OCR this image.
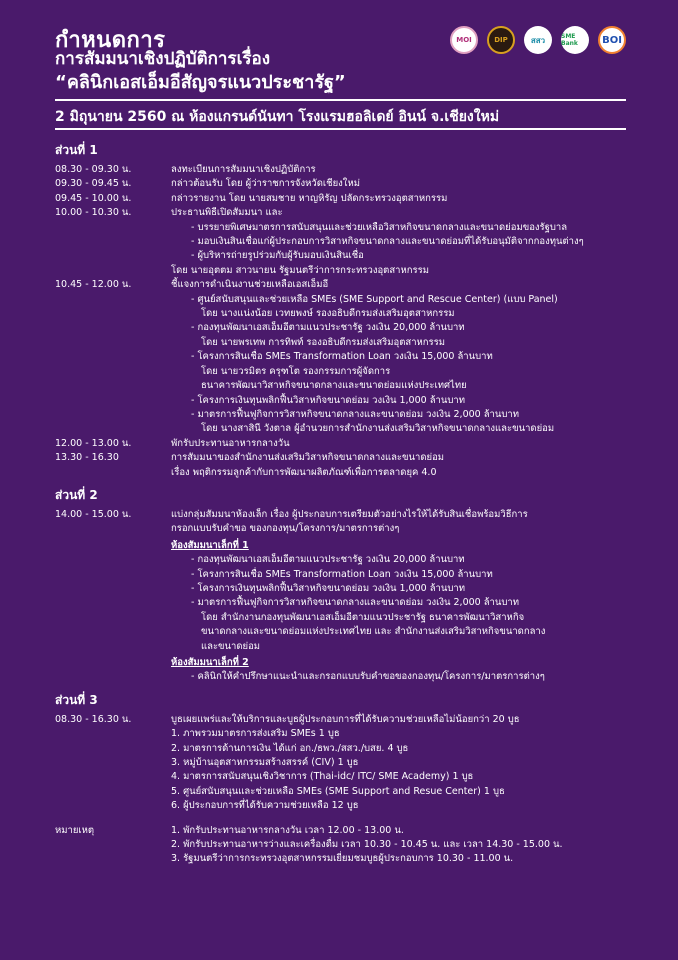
กำหนดการ
การสัมมนาเชิงปฏิบัติการเรื่อง
“คลินิกเอสเอ็มอีสัญจรแนวประชารัฐ”
MOI	DIP	สสว	SME Bank	BOI
2 มิถุนายน 2560 ณ ห้องแกรนด์นันทา โรงแรมฮอลิเดย์ อินน์ จ.เชียงใหม่
ส่วนที่ 1
08.30 - 09.30 น.	ลงทะเบียนการสัมมนาเชิงปฏิบัติการ
09.30 - 09.45 น.	กล่าวต้อนรับ โดย ผู้ว่าราชการจังหวัดเชียงใหม่
09.45 - 10.00 น.	กล่าวรายงาน โดย นายสมชาย หาญหิรัญ ปลัดกระทรวงอุตสาหกรรม
10.00 - 10.30 น.	ประธานพิธีเปิดสัมมนา และ
- บรรยายพิเศษมาตรการสนับสนุนและช่วยเหลือวิสาหกิจขนาดกลางและขนาดย่อมของรัฐบาล
- มอบเงินสินเชื่อแก่ผู้ประกอบการวิสาหกิจขนาดกลางและขนาดย่อมที่ได้รับอนุมัติจากกองทุนต่างๆ
- ผู้บริหารถ่ายรูปร่วมกับผู้รับมอบเงินสินเชื่อ
โดย นายอุตตม สาวนายน รัฐมนตรีว่าการกระทรวงอุตสาหกรรม
10.45 - 12.00 น.	ชี้แจงการดำเนินงานช่วยเหลือเอสเอ็มอี
- ศูนย์สนับสนุนและช่วยเหลือ SMEs (SME Support and Rescue Center) (แบบ Panel)
โดย นางแน่งน้อย เวทยพงษ์ รองอธิบดีกรมส่งเสริมอุตสาหกรรม
- กองทุนพัฒนาเอสเอ็มอีตามแนวประชารัฐ วงเงิน 20,000 ล้านบาท
โดย นายพรเทพ การทิพท์ รองอธิบดีกรมส่งเสริมอุตสาหกรรม
- โครงการสินเชื่อ SMEs Transformation Loan วงเงิน 15,000 ล้านบาท
โดย นายวรมิตร ครุฑโต รองกรรมการผู้จัดการ
ธนาคารพัฒนาวิสาหกิจขนาดกลางและขนาดย่อมแห่งประเทศไทย
- โครงการเงินทุนพลิกฟื้นวิสาหกิจขนาดย่อม วงเงิน 1,000 ล้านบาท
- มาตรการฟื้นฟูกิจการวิสาหกิจขนาดกลางและขนาดย่อม วงเงิน 2,000 ล้านบาท
โดย นางสาสินี วังตาล ผู้อำนวยการสำนักงานส่งเสริมวิสาหกิจขนาดกลางและขนาดย่อม
12.00 - 13.00 น.	พักรับประทานอาหารกลางวัน
13.30 - 16.30	การสัมมนาของสำนักงานส่งเสริมวิสาหกิจขนาดกลางและขนาดย่อม
เรื่อง พฤติกรรมลูกค้ากับการพัฒนาผลิตภัณฑ์เพื่อการตลาดยุค 4.0
ส่วนที่ 2
14.00 - 15.00 น.	แบ่งกลุ่มสัมมนาห้องเล็ก เรื่อง ผู้ประกอบการเตรียมตัวอย่างไรให้ได้รับสินเชื่อพร้อมวิธีการ
กรอกแบบรับคำขอ ของกองทุน/โครงการ/มาตรการต่างๆ
ห้องสัมมนาเล็กที่ 1
- กองทุนพัฒนาเอสเอ็มอีตามแนวประชารัฐ วงเงิน 20,000 ล้านบาท
- โครงการสินเชื่อ SMEs Transformation Loan วงเงิน 15,000 ล้านบาท
- โครงการเงินทุนพลิกฟื้นวิสาหกิจขนาดย่อม วงเงิน 1,000 ล้านบาท
- มาตรการฟื้นฟูกิจการวิสาหกิจขนาดกลางและขนาดย่อม วงเงิน 2,000 ล้านบาท
โดย สำนักงานกองทุนพัฒนาเอสเอ็มอีตามแนวประชารัฐ ธนาคารพัฒนาวิสาหกิจ
ขนาดกลางและขนาดย่อมแห่งประเทศไทย และ สำนักงานส่งเสริมวิสาหกิจขนาดกลาง
และขนาดย่อม
ห้องสัมมนาเล็กที่ 2
- คลินิกให้คำปรึกษาแนะนำและกรอกแบบรับคำขอของกองทุน/โครงการ/มาตรการต่างๆ
ส่วนที่ 3
08.30 - 16.30 น.	บูธเผยแพร่และให้บริการและบูธผู้ประกอบการที่ได้รับความช่วยเหลือไม่น้อยกว่า 20 บูธ
1. ภาพรวมมาตรการส่งเสริม SMEs 1 บูธ
2. มาตรการด้านการเงิน ได้แก่ อก./ธพว./สสว./บสย. 4 บูธ
3. หมู่บ้านอุตสาหกรรมสร้างสรรค์ (CIV) 1 บูธ
4. มาตรการสนับสนุนเชิงวิชาการ (Thai-idc/ ITC/ SME Academy) 1 บูธ
5. ศูนย์สนับสนุนและช่วยเหลือ SMEs (SME Support and Resue Center) 1 บูธ
6. ผู้ประกอบการที่ได้รับความช่วยเหลือ 12 บูธ
หมายเหตุ	1. พักรับประทานอาหารกลางวัน เวลา 12.00 - 13.00 น.
2. พักรับประทานอาหารว่างและเครื่องดื่ม เวลา 10.30 - 10.45 น. และ เวลา 14.30 - 15.00 น.
3. รัฐมนตรีว่าการกระทรวงอุตสาหกรรมเยี่ยมชมบูธผู้ประกอบการ 10.30 - 11.00 น.
